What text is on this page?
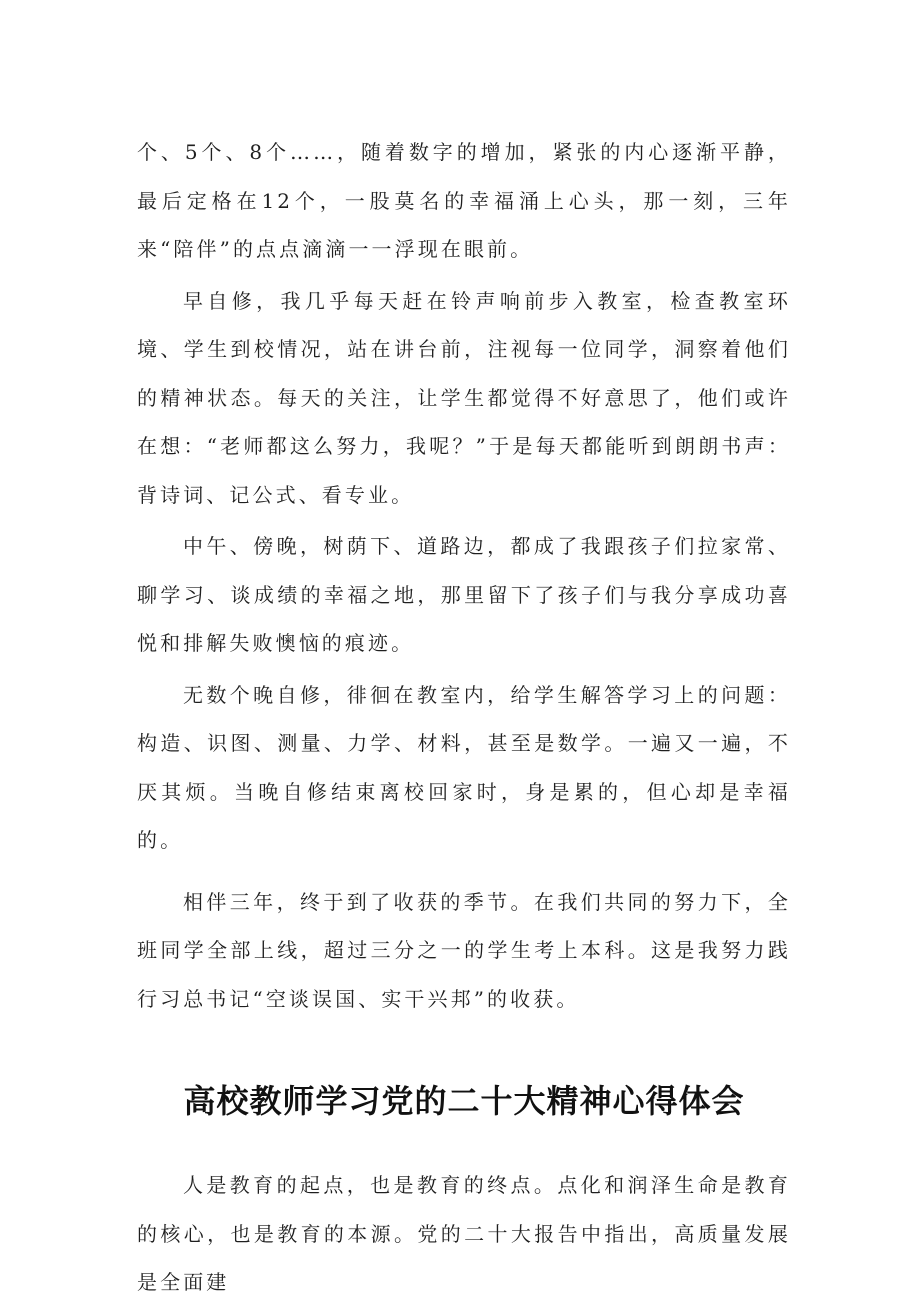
个、5个、8个……，随着数字的增加，紧张的内心逐渐平静，最后定格在12个，一股莫名的幸福涌上心头，那一刻，三年来“陪伴”的点点滴滴一一浮现在眼前。

早自修，我几乎每天赶在铃声响前步入教室，检查教室环境、学生到校情况，站在讲台前，注视每一位同学，洞察着他们的精神状态。每天的关注，让学生都觉得不好意思了，他们或许在想：“老师都这么努力，我呢？”于是每天都能听到朗朗书声：背诗词、记公式、看专业。

中午、傍晚，树荫下、道路边，都成了我跟孩子们拉家常、聊学习、谈成绩的幸福之地，那里留下了孩子们与我分享成功喜悦和排解失败懊恼的痕迹。

无数个晚自修，徘徊在教室内，给学生解答学习上的问题：构造、识图、测量、力学、材料，甚至是数学。一遍又一遍，不厌其烦。当晚自修结束离校回家时，身是累的，但心却是幸福的。

相伴三年，终于到了收获的季节。在我们共同的努力下，全班同学全部上线，超过三分之一的学生考上本科。这是我努力践行习总书记“空谈误国、实干兴邦”的收获。

高校教师学习党的二十大精神心得体会

人是教育的起点，也是教育的终点。点化和润泽生命是教育的核心，也是教育的本源。党的二十大报告中指出，高质量发展是全面建
